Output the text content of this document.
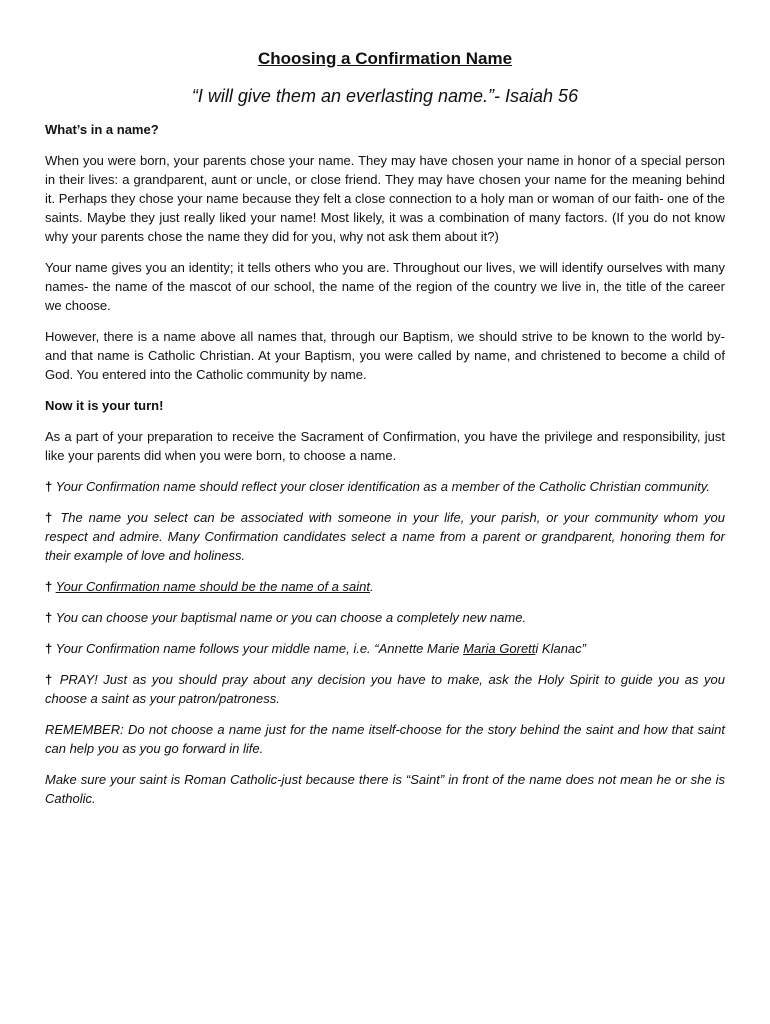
Choosing a Confirmation Name
“I will give them an everlasting name.”- Isaiah 56
What’s in a name?

When you were born, your parents chose your name. They may have chosen your name in honor of a special person in their lives: a grandparent, aunt or uncle, or close friend. They may have chosen your name for the meaning behind it. Perhaps they chose your name because they felt a close connection to a holy man or woman of our faith- one of the saints. Maybe they just really liked your name! Most likely, it was a combination of many factors. (If you do not know why your parents chose the name they did for you, why not ask them about it?)

Your name gives you an identity; it tells others who you are. Throughout our lives, we will identify ourselves with many names- the name of the mascot of our school, the name of the region of the country we live in, the title of the career we choose.

However, there is a name above all names that, through our Baptism, we should strive to be known to the world by- and that name is Catholic Christian. At your Baptism, you were called by name, and christened to become a child of God. You entered into the Catholic community by name.

Now it is your turn!

As a part of your preparation to receive the Sacrament of Confirmation, you have the privilege and responsibility, just like your parents did when you were born, to choose a name.

† Your Confirmation name should reflect your closer identification as a member of the Catholic Christian community.

† The name you select can be associated with someone in your life, your parish, or your community whom you respect and admire. Many Confirmation candidates select a name from a parent or grandparent, honoring them for their example of love and holiness.

† Your Confirmation name should be the name of a saint.

† You can choose your baptismal name or you can choose a completely new name.

† Your Confirmation name follows your middle name, i.e. “Annette Marie Maria Goretti Klanac”

† PRAY! Just as you should pray about any decision you have to make, ask the Holy Spirit to guide you as you choose a saint as your patron/patroness.

REMEMBER: Do not choose a name just for the name itself-choose for the story behind the saint and how that saint can help you as you go forward in life.

Make sure your saint is Roman Catholic-just because there is “Saint” in front of the name does not mean he or she is Catholic.
